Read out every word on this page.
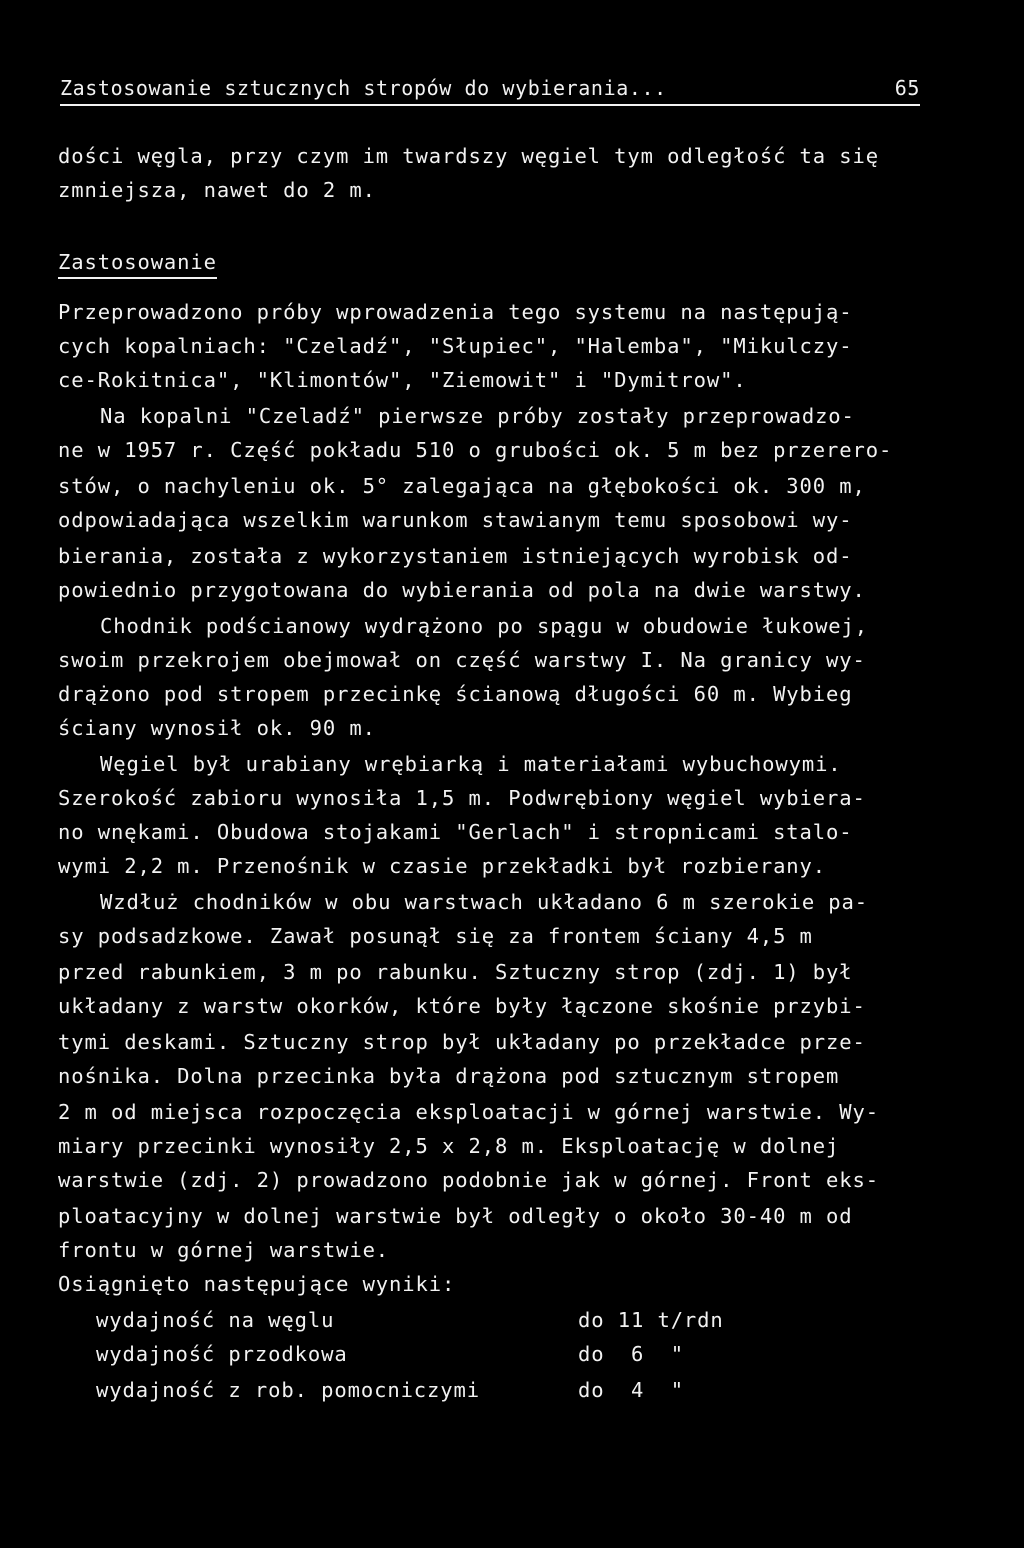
Zastosowanie sztucznych stropów do wybierania...	65
dości węgla, przy czym im twardszy węgiel tym odległość ta się
zmniejsza, nawet do 2 m.
Zastosowanie
Przeprowadzono próby wprowadzenia tego systemu na następują-
cych kopalniach: "Czeladź", "Słupiec", "Halemba", "Mikulczy-
ce-Rokitnica", "Klimontów", "Ziemowit" i "Dymitrow".
Na kopalni "Czeladź" pierwsze próby zostały przeprowadzo-
ne w 1957 r. Część pokładu 510 o grubości ok. 5 m bez przerero-
stów, o nachyleniu ok. 5° zalegająca na głębokości ok. 300 m,
odpowiadająca wszelkim warunkom stawianym temu sposobowi wy-
bierania, została z wykorzystaniem istniejących wyrobisk od-
powiednio przygotowana do wybierania od pola na dwie warstwy.
Chodnik podścianowy wydrążono po spągu w obudowie łukowej,
swoim przekrojem obejmował on część warstwy I. Na granicy wy-
drążono pod stropem przecinkę ścianową długości 60 m. Wybieg
ściany wynosił ok. 90 m.
Węgiel był urabiany wrębiarką i materiałami wybuchowymi.
Szerokość zabioru wynosiła 1,5 m. Podwrębiony węgiel wybiera-
no wnękami. Obudowa stojakami "Gerlach" i stropnicami stalo-
wymi 2,2 m. Przenośnik w czasie przekładki był rozbierany.
Wzdłuż chodników w obu warstwach układano 6 m szerokie pa-
sy podsadzkowe. Zawał posunął się za frontem ściany 4,5 m
przed rabunkiem, 3 m po rabunku. Sztuczny strop (zdj. 1) był
układany z warstw okorków, które były łączone skośnie przybi-
tymi deskami. Sztuczny strop był układany po przekładce prze-
nośnika. Dolna przecinka była drążona pod sztucznym stropem
2 m od miejsca rozpoczęcia eksploatacji w górnej warstwie. Wy-
miary przecinki wynosiły 2,5 x 2,8 m. Eksploatację w dolnej
warstwie (zdj. 2) prowadzono podobnie jak w górnej. Front eks-
ploatacyjny w dolnej warstwie był odległy o około 30-40 m od
frontu w górnej warstwie.
Osiągnięto następujące wyniki:
wydajność na węglu	do 11 t/rdn
wydajność przodkowa	do  6  "
wydajność z rob. pomocniczymi	do  4  "
